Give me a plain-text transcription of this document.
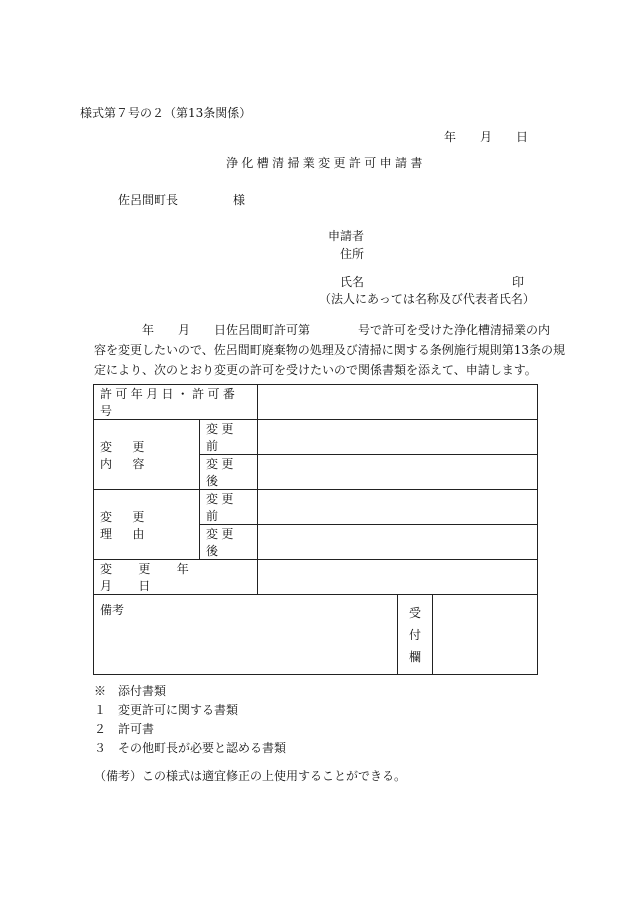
様式第７号の２（第13条関係）
年　　月　　日
浄化槽清掃業変更許可申請書
佐呂間町長	様
申請者
住所
氏名	印
（法人にあっては名称及び代表者氏名）
　　　　年　　月　　日佐呂間町許可第　　　　号で許可を受けた浄化槽清掃業の内
容を変更したいので、佐呂間町廃棄物の処理及び清掃に関する条例施行規則第13条の規
定により、次のとおり変更の許可を受けたいので関係書類を添えて、申請します。
許可年月日・許可番号				
変更内容	変更前			
	変更後			
変更理由	変更前			
	変更後			
変更年月日				
備考			受
付
欄	

※　添付書類
１　変更許可に関する書類
２　許可書
３　その他町長が必要と認める書類
（備考）この様式は適宜修正の上使用することができる。
